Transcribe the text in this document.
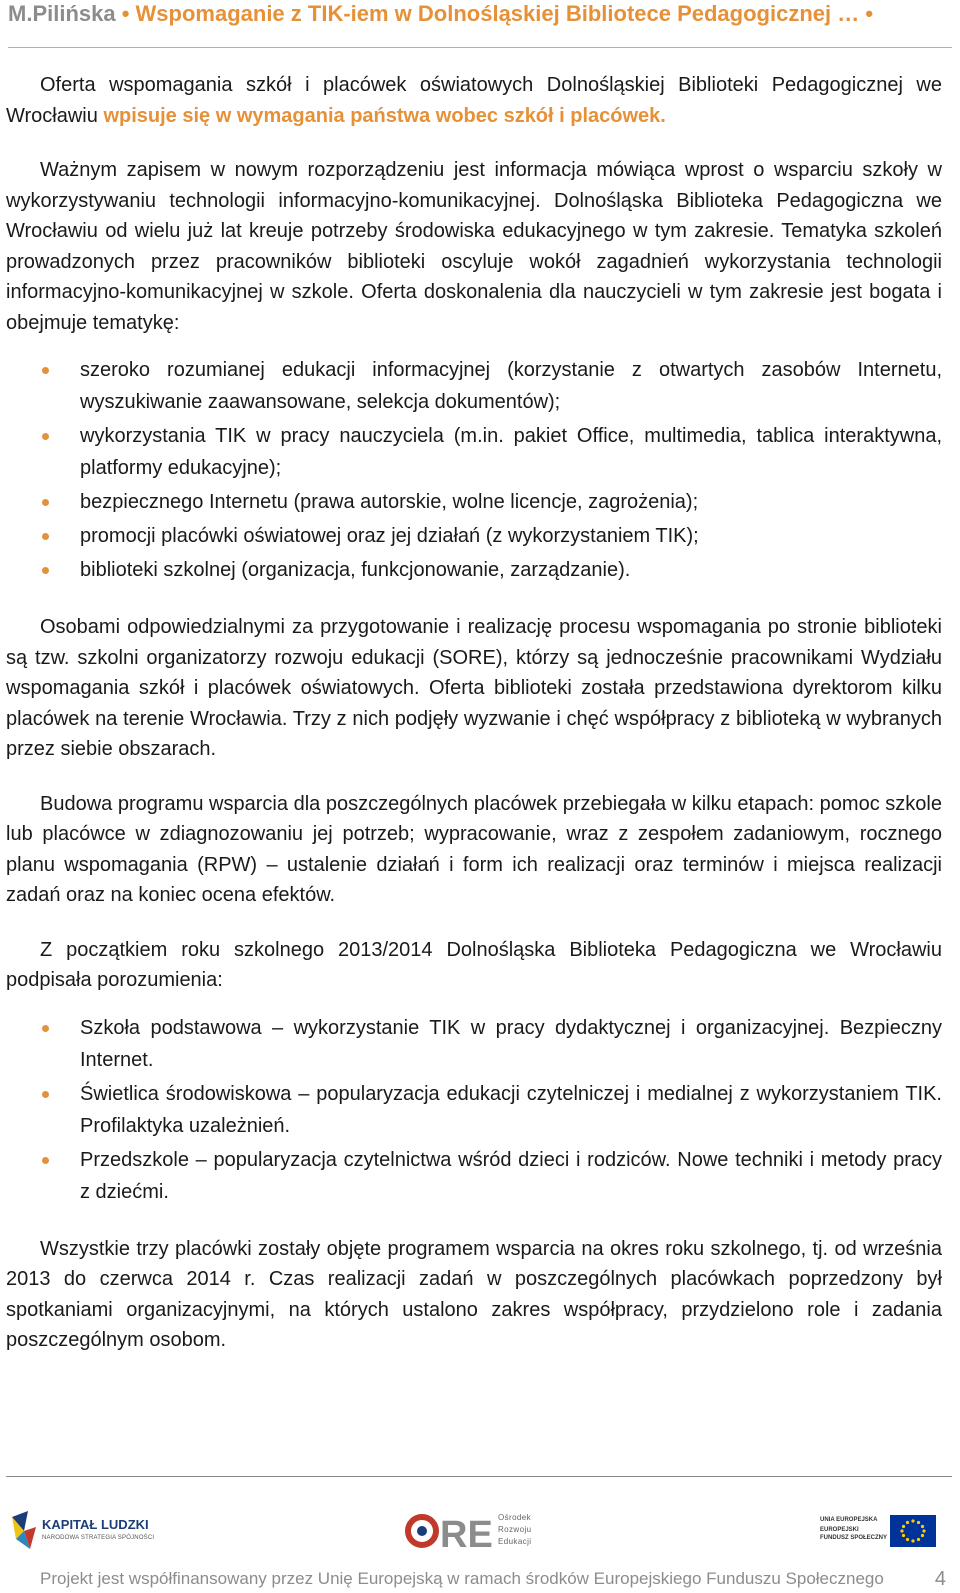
M.Pilińska • Wspomaganie z TIK-iem w Dolnośląskiej Bibliotece Pedagogicznej … •

Oferta wspomagania szkół i placówek oświatowych Dolnośląskiej Biblioteki Pedagogicznej we Wrocławiu wpisuje się w wymagania państwa wobec szkół i placówek.

Ważnym zapisem w nowym rozporządzeniu jest informacja mówiąca wprost o wsparciu szkoły w wykorzystywaniu technologii informacyjno-komunikacyjnej. Dolnośląska Biblioteka Pedagogiczna we Wrocławiu od wielu już lat kreuje potrzeby środowiska edukacyjnego w tym zakresie. Tematyka szkoleń prowadzonych przez pracowników biblioteki oscyluje wokół zagadnień wykorzystania technologii informacyjno-komunikacyjnej w szkole. Oferta doskonalenia dla nauczycieli w tym zakresie jest bogata i obejmuje tematykę:

szeroko rozumianej edukacji informacyjnej (korzystanie z otwartych zasobów Internetu, wyszukiwanie zaawansowane, selekcja dokumentów);
wykorzystania TIK w pracy nauczyciela (m.in. pakiet Office, multimedia, tablica interaktywna, platformy edukacyjne);
bezpiecznego Internetu (prawa autorskie, wolne licencje, zagrożenia);
promocji placówki oświatowej oraz jej działań (z wykorzystaniem TIK);
biblioteki szkolnej (organizacja, funkcjonowanie, zarządzanie).

Osobami odpowiedzialnymi za przygotowanie i realizację procesu wspomagania po stronie biblioteki są tzw. szkolni organizatorzy rozwoju edukacji (SORE), którzy są jednocześnie pracownikami Wydziału wspomagania szkół i placówek oświatowych. Oferta biblioteki została przedstawiona dyrektorom kilku placówek na terenie Wrocławia. Trzy z nich podjęły wyzwanie i chęć współpracy z biblioteką w wybranych przez siebie obszarach.

Budowa programu wsparcia dla poszczególnych placówek przebiegała w kilku etapach: pomoc szkole lub placówce w zdiagnozowaniu jej potrzeb; wypracowanie, wraz z zespołem zadaniowym, rocznego planu wspomagania (RPW) – ustalenie działań i form ich realizacji oraz terminów i miejsca realizacji zadań oraz na koniec ocena efektów.

Z początkiem roku szkolnego 2013/2014 Dolnośląska Biblioteka Pedagogiczna we Wrocławiu podpisała porozumienia:

Szkoła podstawowa – wykorzystanie TIK w pracy dydaktycznej i organizacyjnej. Bezpieczny Internet.
Świetlica środowiskowa – popularyzacja edukacji czytelniczej i medialnej z wykorzystaniem TIK. Profilaktyka uzależnień.
Przedszkole – popularyzacja czytelnictwa wśród dzieci i rodziców. Nowe techniki i metody pracy z dziećmi.

Wszystkie trzy placówki zostały objęte programem wsparcia na okres roku szkolnego, tj. od września 2013 do czerwca 2014 r. Czas realizacji zadań w poszczególnych placówkach poprzedzony był spotkaniami organizacyjnymi, na których ustalono zakres współpracy, przydzielono role i zadania poszczególnym osobom.

KAPITAŁ LUDZKI
NARODOWA STRATEGIA SPÓJNOŚCI	RE Ośrodek
Rozwoju
Edukacji
UNIA EUROPEJSKA
EUROPEJSKI
FUNDUSZ SPOŁECZNY
Projekt jest współfinansowany przez Unię Europejską w ramach środków Europejskiego Funduszu Społecznego	4
